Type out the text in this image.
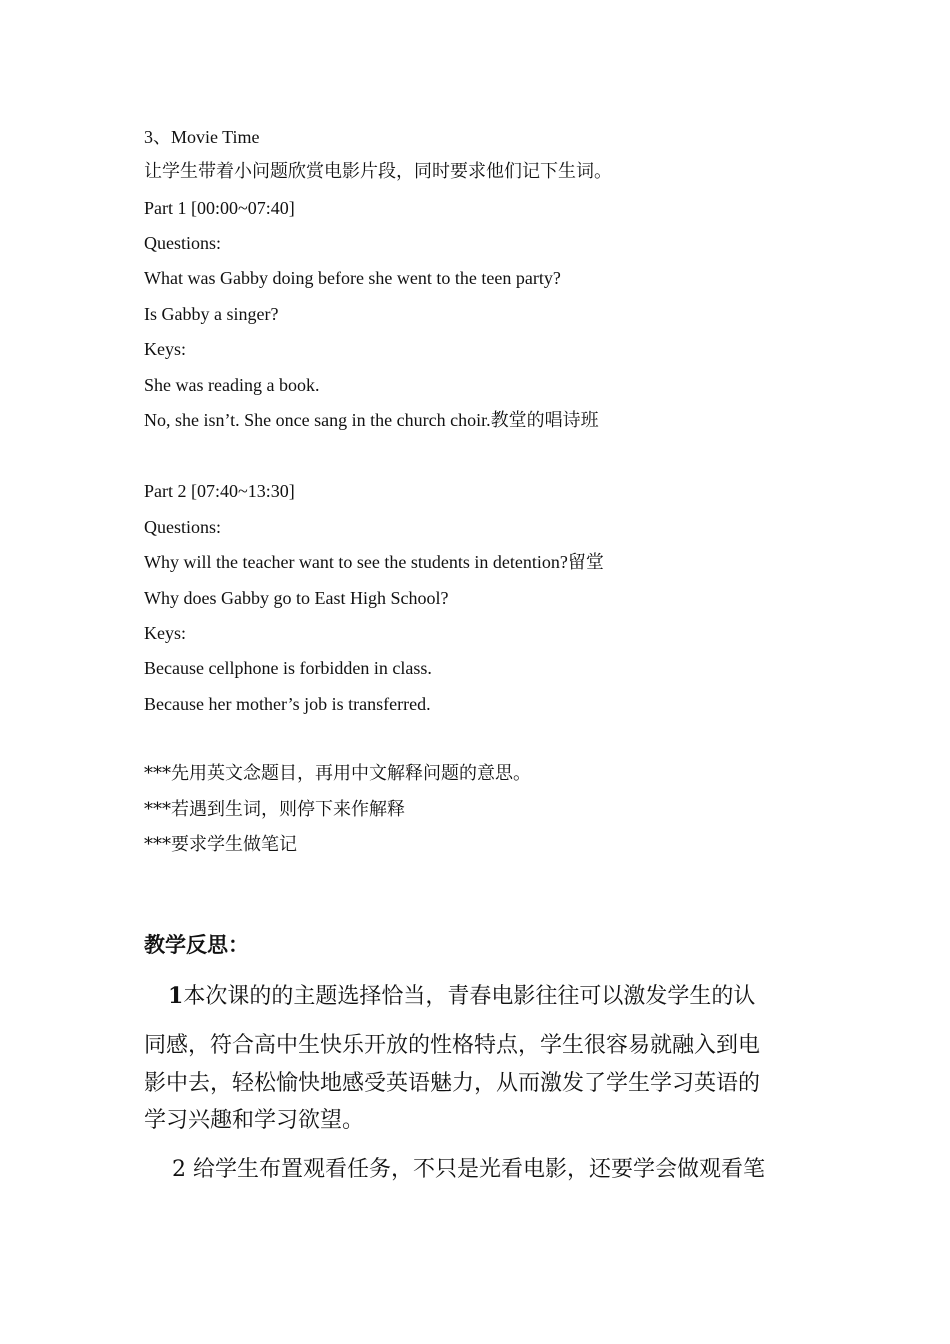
3、Movie Time
让学生带着小问题欣赏电影片段，同时要求他们记下生词。
Part 1 [00:00~07:40]
Questions:
What was Gabby doing before she went to the teen party?
Is Gabby a singer?
Keys:
She was reading a book.
No, she isn’t. She once sang in the church choir.教堂的唱诗班
Part 2 [07:40~13:30]
Questions:
Why will the teacher want to see the students in detention?留堂
Why does Gabby go to East High School?
Keys:
Because cellphone is forbidden in class.
Because her mother’s job is transferred.
***先用英文念题目，再用中文解释问题的意思。
***若遇到生词，则停下来作解释
***要求学生做笔记
教学反思：
1本次课的的主题选择恰当，青春电影往往可以激发学生的认
同感，符合高中生快乐开放的性格特点，学生很容易就融入到电
影中去，轻松愉快地感受英语魅力，从而激发了学生学习英语的
学习兴趣和学习欲望。
2 给学生布置观看任务，不只是光看电影，还要学会做观看笔
